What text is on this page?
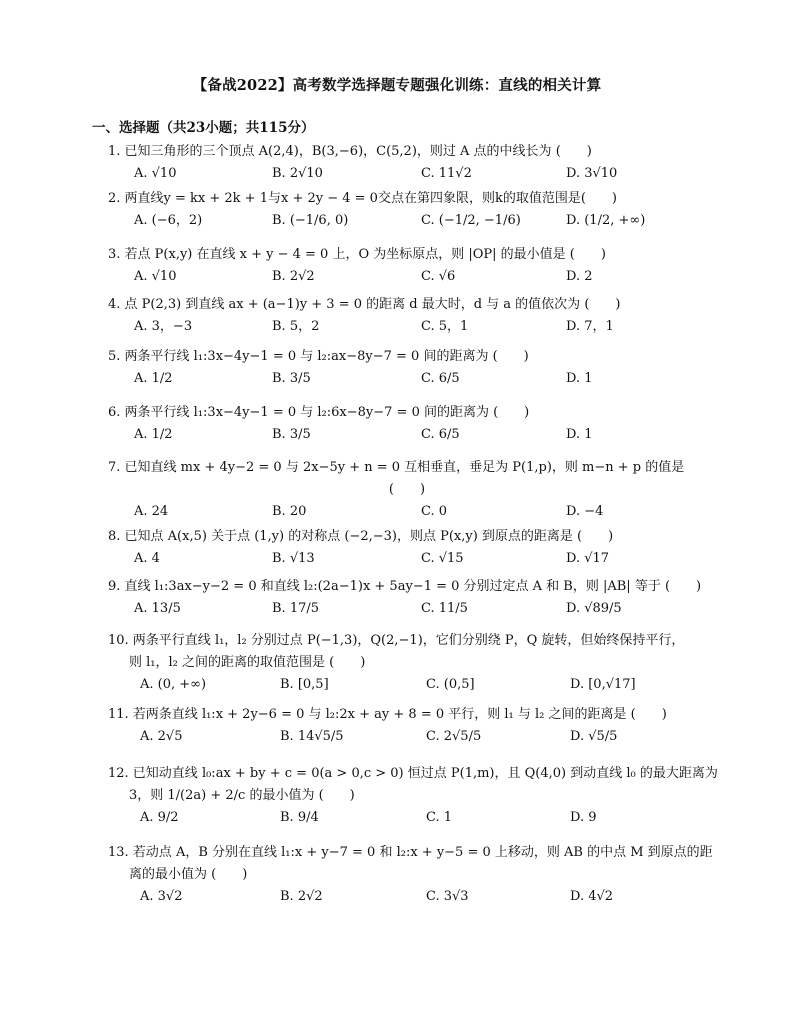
【备战2022】高考数学选择题专题强化训练：直线的相关计算
一、选择题（共23小题；共115分）
1. 已知三角形的三个顶点 A(2,4)，B(3,−6)，C(5,2)，则过 A 点的中线长为 (　　)
A. √10	B. 2√10	C. 11√2	D. 3√10
2. 两直线y = kx + 2k + 1与x + 2y − 4 = 0交点在第四象限，则k的取值范围是(　　)
A. (−6，2)	B. (−1/6, 0)	C. (−1/2, −1/6)	D. (1/2, +∞)
3. 若点 P(x,y) 在直线 x + y − 4 = 0 上，O 为坐标原点，则 |OP| 的最小值是 (　　)
A. √10	B. 2√2	C. √6	D. 2
4. 点 P(2,3) 到直线 ax + (a−1)y + 3 = 0 的距离 d 最大时，d 与 a 的值依次为 (　　)
A. 3，−3	B. 5，2	C. 5，1	D. 7，1
5. 两条平行线 l₁:3x−4y−1 = 0 与 l₂:ax−8y−7 = 0 间的距离为 (　　)
A. 1/2	B. 3/5	C. 6/5	D. 1
6. 两条平行线 l₁:3x−4y−1 = 0 与 l₂:6x−8y−7 = 0 间的距离为 (　　)
A. 1/2	B. 3/5	C. 6/5	D. 1
7. 已知直线 mx + 4y−2 = 0 与 2x−5y + n = 0 互相垂直，垂足为 P(1,p)，则 m−n + p 的值是
(　　)
A. 24	B. 20	C. 0	D. −4
8. 已知点 A(x,5) 关于点 (1,y) 的对称点 (−2,−3)，则点 P(x,y) 到原点的距离是 (　　)
A. 4	B. √13	C. √15	D. √17
9. 直线 l₁:3ax−y−2 = 0 和直线 l₂:(2a−1)x + 5ay−1 = 0 分别过定点 A 和 B，则 |AB| 等于 (　　)
A. 13/5	B. 17/5	C. 11/5	D. √89/5
10. 两条平行直线 l₁，l₂ 分别过点 P(−1,3)，Q(2,−1)，它们分别绕 P，Q 旋转，但始终保持平行，
则 l₁，l₂ 之间的距离的取值范围是 (　　)
A. (0, +∞)	B. [0,5]	C. (0,5]	D. [0,√17]
11. 若两条直线 l₁:x + 2y−6 = 0 与 l₂:2x + ay + 8 = 0 平行，则 l₁ 与 l₂ 之间的距离是 (　　)
A. 2√5	B. 14√5/5	C. 2√5/5	D. √5/5
12. 已知动直线 l₀:ax + by + c = 0(a > 0,c > 0) 恒过点 P(1,m)，且 Q(4,0) 到动直线 l₀ 的最大距离为
3，则 1/(2a) + 2/c 的最小值为 (　　)
A. 9/2	B. 9/4	C. 1	D. 9
13. 若动点 A，B 分别在直线 l₁:x + y−7 = 0 和 l₂:x + y−5 = 0 上移动，则 AB 的中点 M 到原点的距
离的最小值为 (　　)
A. 3√2	B. 2√2	C. 3√3	D. 4√2
